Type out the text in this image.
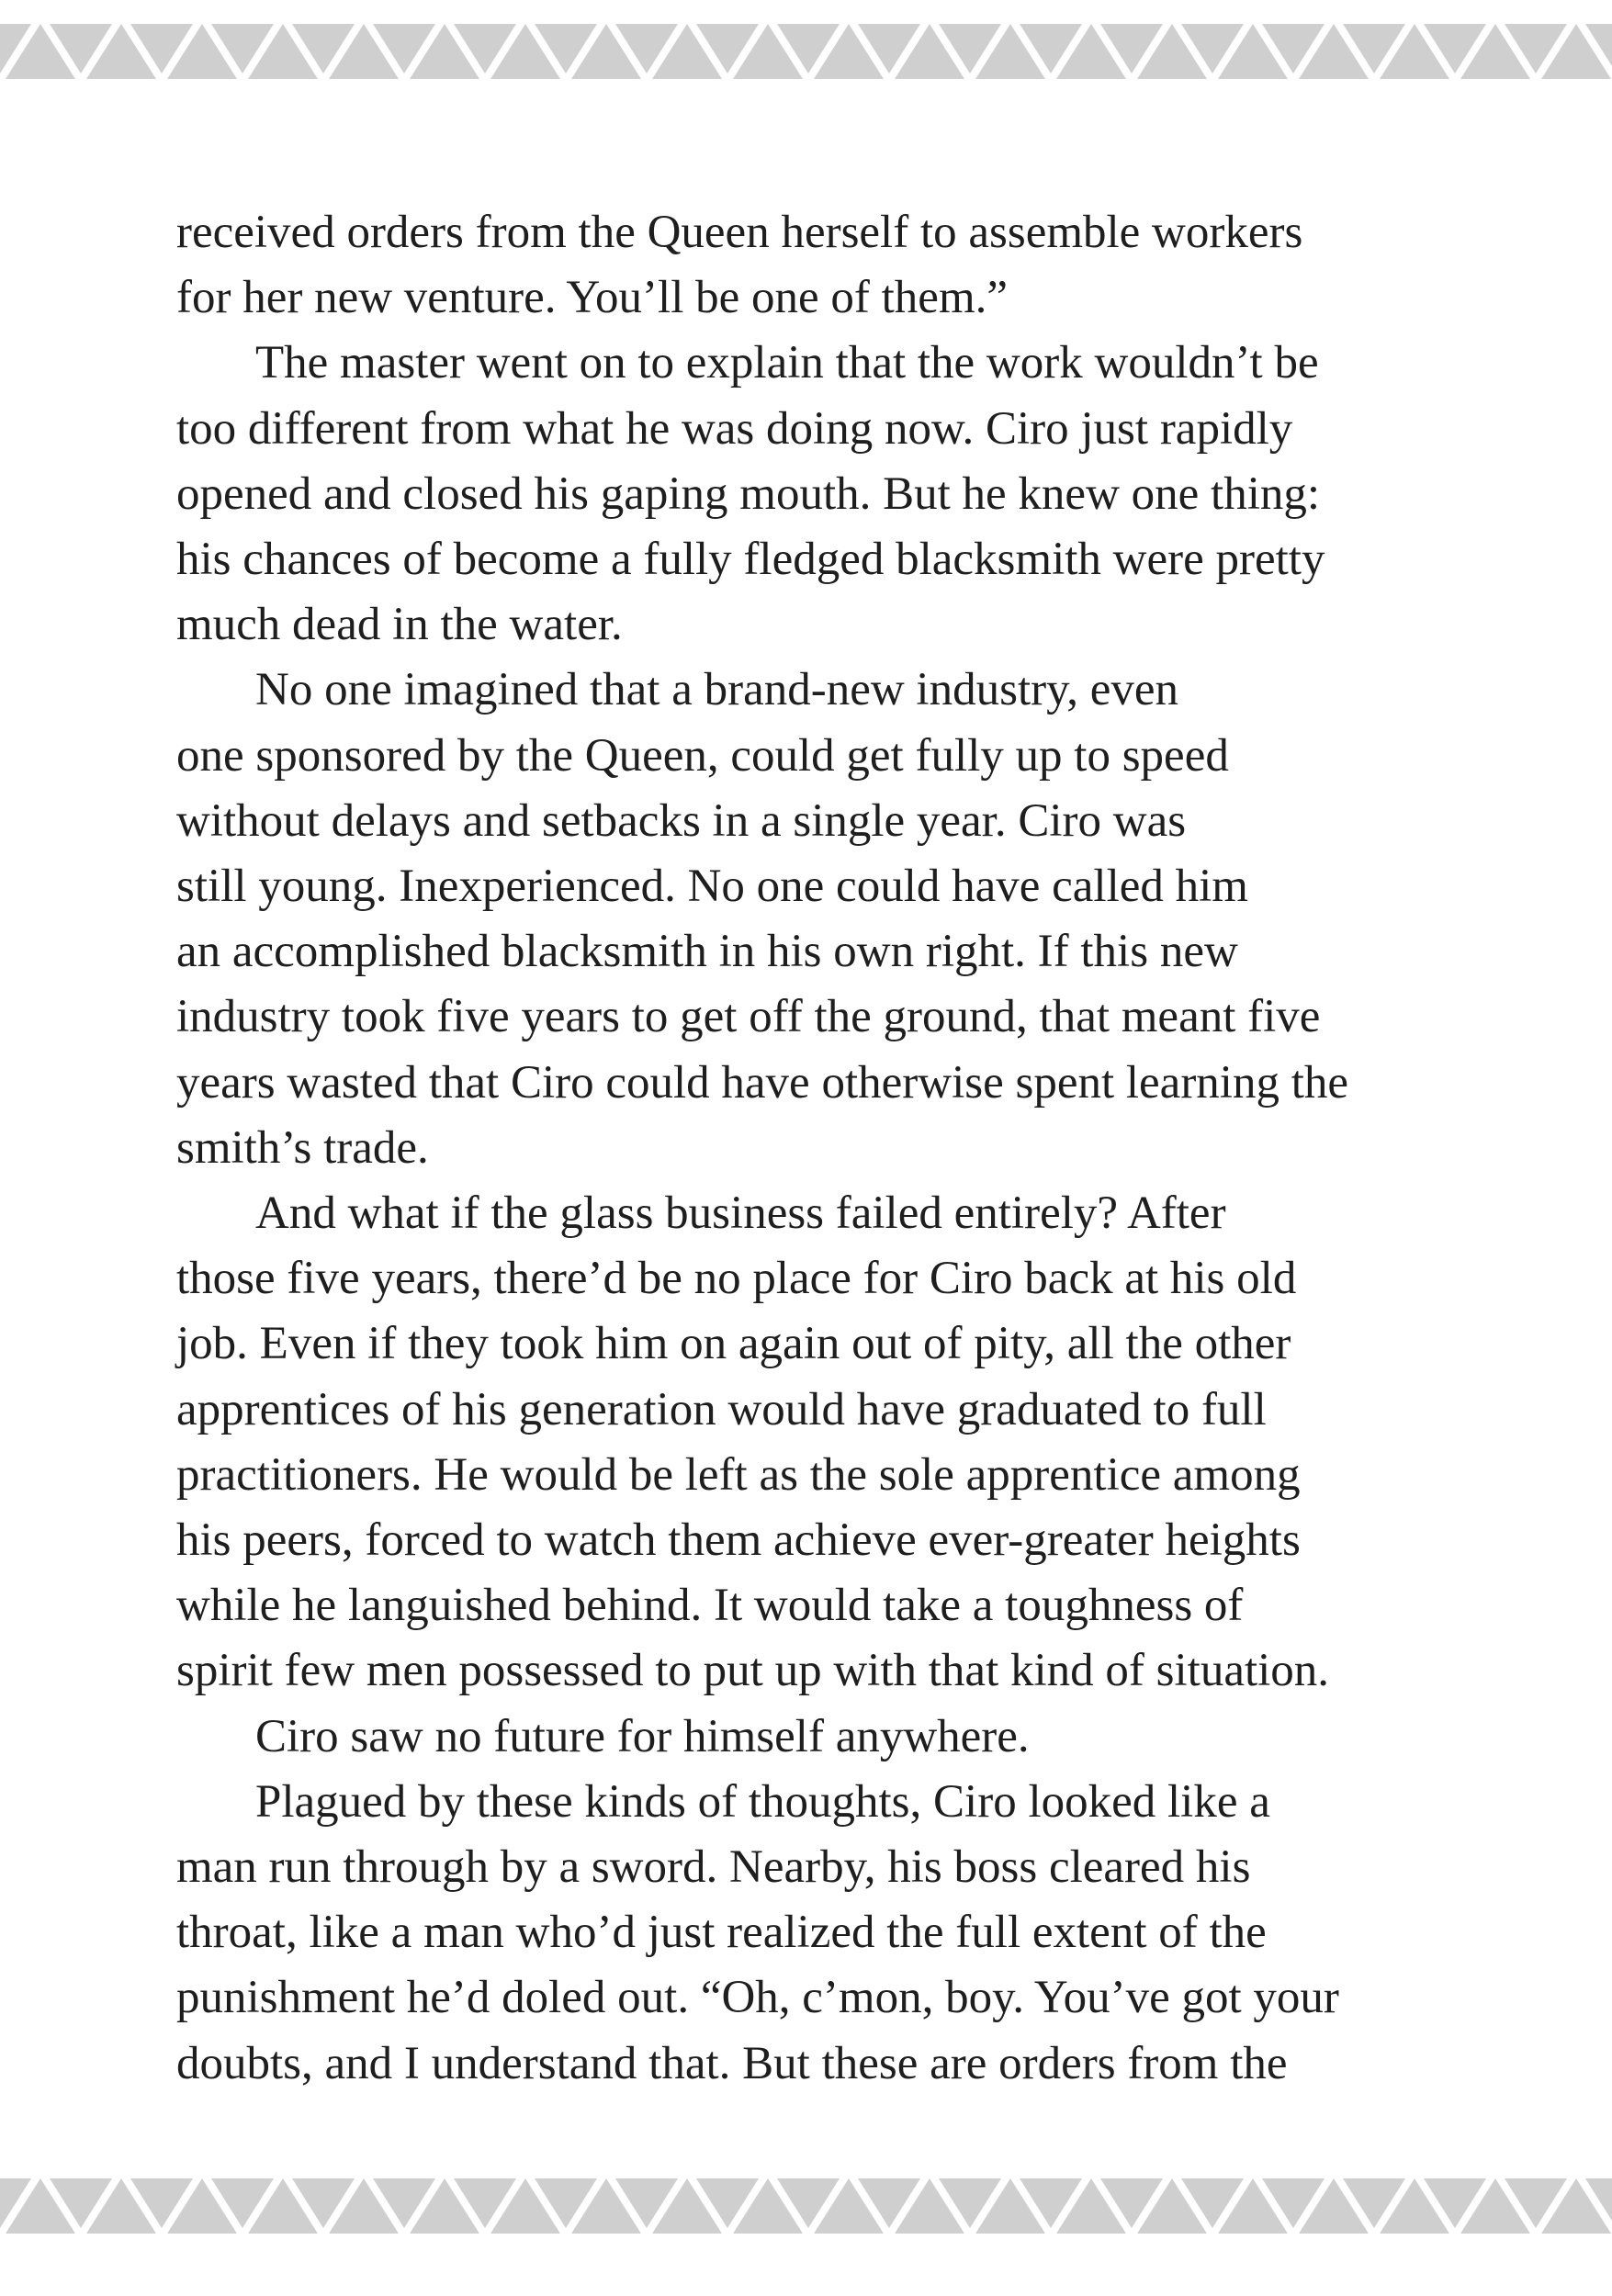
received orders from the Queen herself to assemble workers

for her new venture. You’ll be one of them.”

The master went on to explain that the work wouldn’t be

too different from what he was doing now. Ciro just rapidly

opened and closed his gaping mouth. But he knew one thing:

his chances of become a fully fledged blacksmith were pretty

much dead in the water.

No one imagined that a brand-new industry, even

one sponsored by the Queen, could get fully up to speed

without delays and setbacks in a single year. Ciro was

still young. Inexperienced. No one could have called him

an accomplished blacksmith in his own right. If this new

industry took five years to get off the ground, that meant five

years wasted that Ciro could have otherwise spent learning the

smith’s trade.

And what if the glass business failed entirely? After

those five years, there’d be no place for Ciro back at his old

job. Even if they took him on again out of pity, all the other

apprentices of his generation would have graduated to full

practitioners. He would be left as the sole apprentice among

his peers, forced to watch them achieve ever-greater heights

while he languished behind. It would take a toughness of

spirit few men possessed to put up with that kind of situation.

Ciro saw no future for himself anywhere.

Plagued by these kinds of thoughts, Ciro looked like a

man run through by a sword. Nearby, his boss cleared his

throat, like a man who’d just realized the full extent of the

punishment he’d doled out. “Oh, c’mon, boy. You’ve got your

doubts, and I understand that. But these are orders from the
